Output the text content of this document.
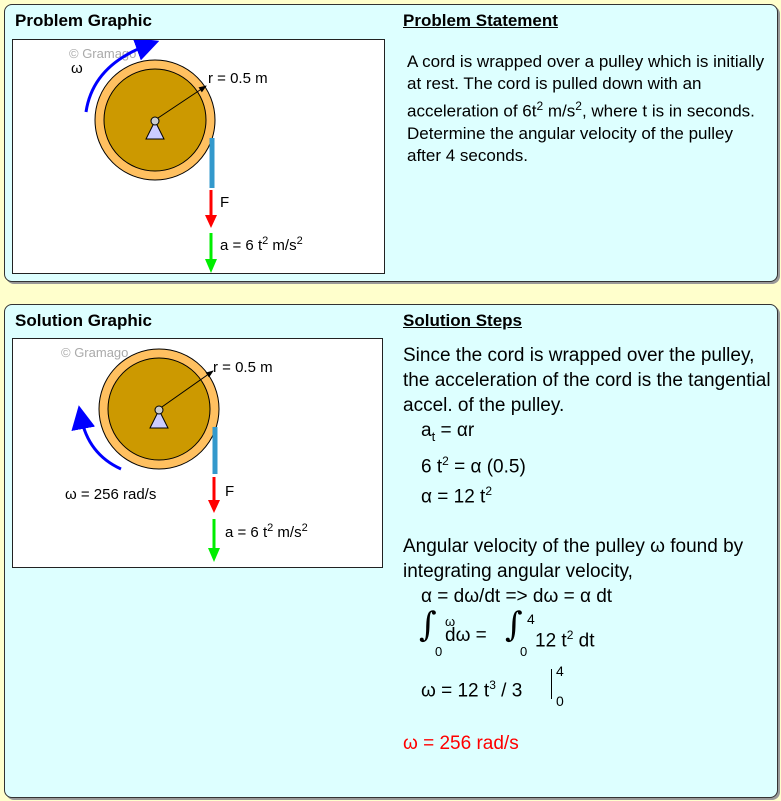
Problem Graphic	Problem Statement
© Gramago
ω
r = 0.5 m
F
a = 6 $t^2$ $m/s^2$
A cord is wrapped over a pulley which is initially at rest. The cord is pulled down with an acceleration of $6t^2$ $m/s^2$, where t is in seconds. Determine the angular velocity of the pulley after 4 seconds.
Solution Graphic	Solution Steps
© Gramago
r = 0.5 m
ω = 256 rad/s	F
a = 6 $t^2$ $m/s^2$
Since the cord is wrapped over the pulley, the acceleration of the cord is the tangential accel. of the pulley.
$a_t = \alpha r$
6 $t^2 = \alpha$ (0.5)
α = 12 $t^2$
Angular velocity of the pulley ω found by integrating angular velocity,
α = dω/dt => dω = α dt
∫ ω
0
dω = ∫ 4
0
12 $t^2$ dt
ω = 12 $t^3 / 3$
4
0
ω = 256 rad/s
